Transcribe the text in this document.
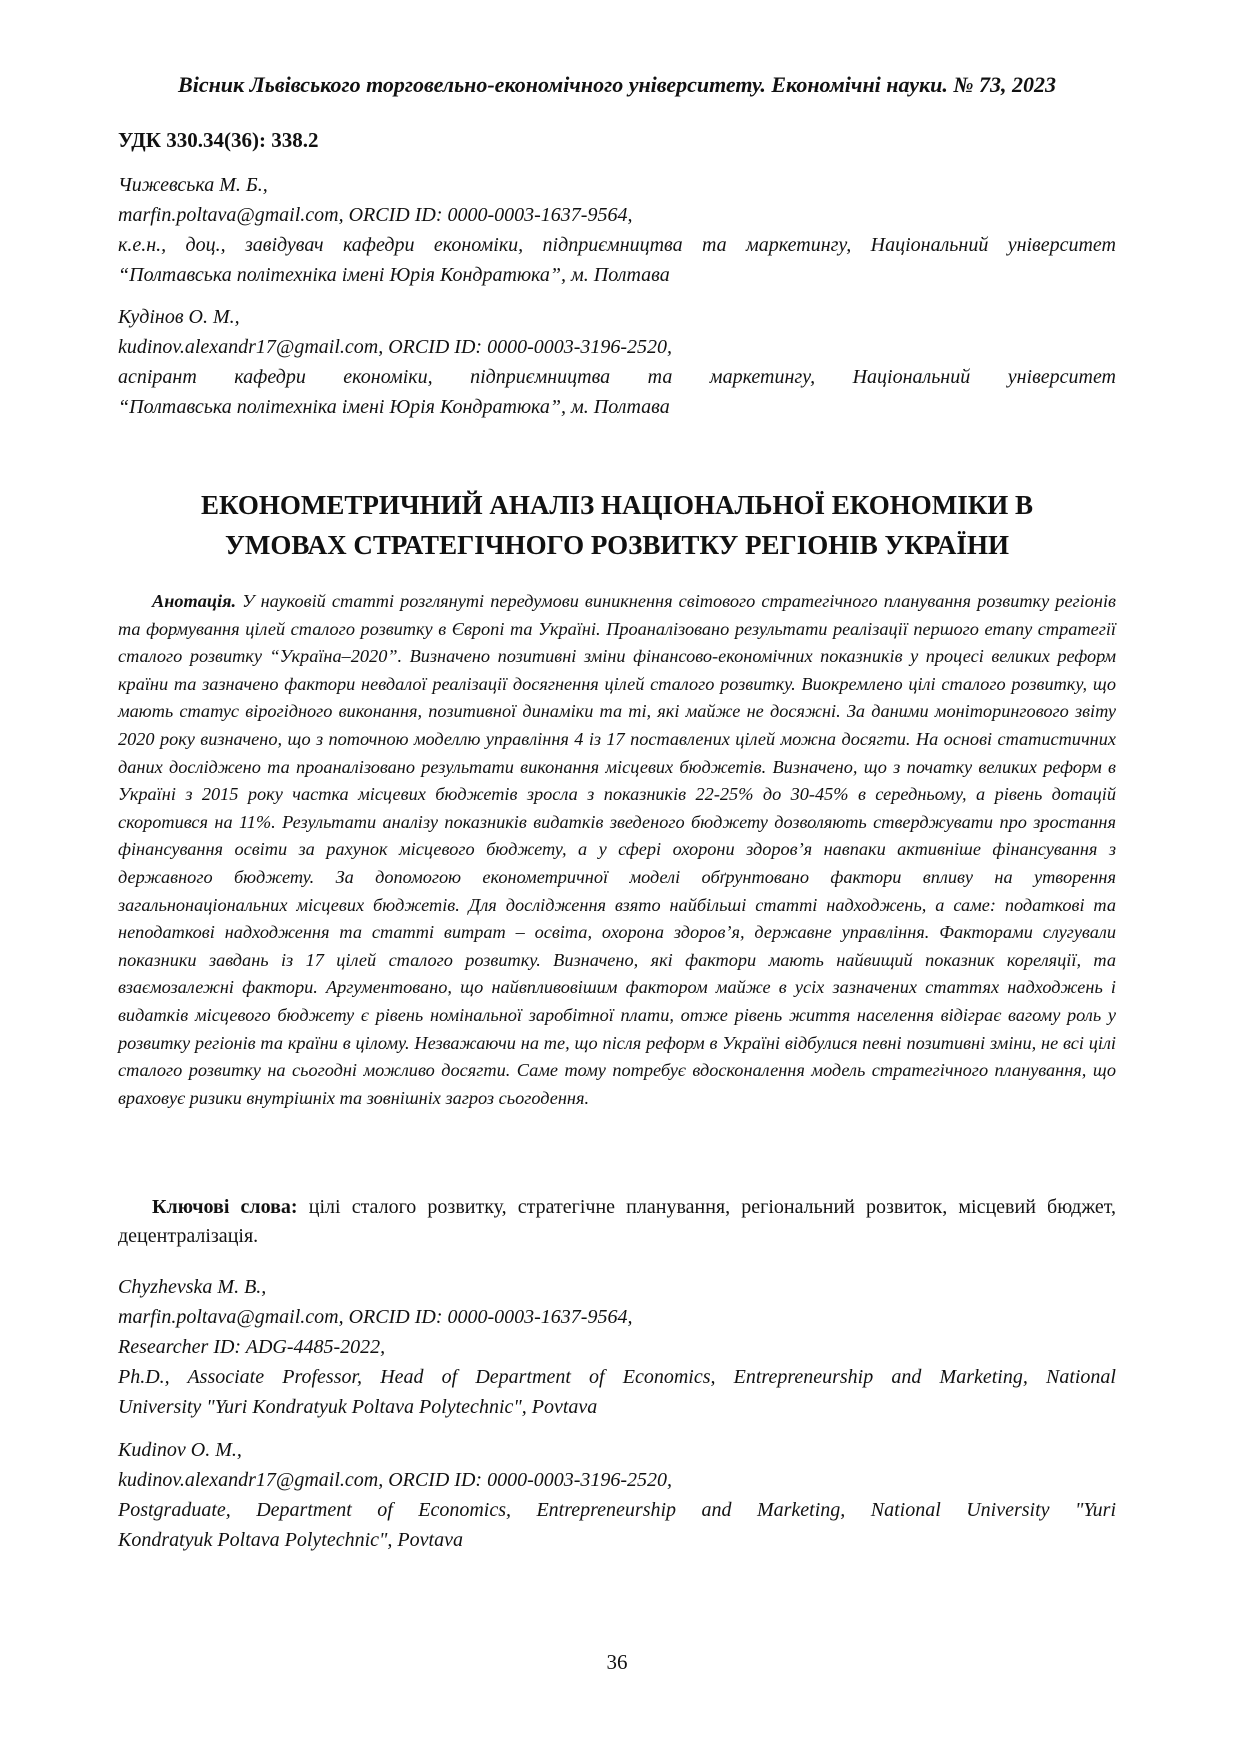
Вісник Львівського торговельно-економічного університету. Економічні науки. № 73, 2023
УДК 330.34(36): 338.2
Чижевська М. Б.,
marfin.poltava@gmail.com, ORCID ID: 0000-0003-1637-9564,
к.е.н., доц., завідувач кафедри економіки, підприємництва та маркетингу, Національний університет
“Полтавська політехніка імені Юрія Кондратюка”, м. Полтава
Кудінов О. М.,
kudinov.alexandr17@gmail.com, ORCID ID: 0000-0003-3196-2520,
аспірант кафедри економіки, підприємництва та маркетингу, Національний університет
“Полтавська політехніка імені Юрія Кондратюка”, м. Полтава
ЕКОНОМЕТРИЧНИЙ АНАЛІЗ НАЦІОНАЛЬНОЇ ЕКОНОМІКИ В
УМОВАХ СТРАТЕГІЧНОГО РОЗВИТКУ РЕГІОНІВ УКРАЇНИ
Анотація. У науковій статті розглянуті передумови виникнення світового стратегічного планування розвитку регіонів та формування цілей сталого розвитку в Європі та Україні. Проаналізовано результати реалізації першого етапу стратегії сталого розвитку “Україна–2020”. Визначено позитивні зміни фінансово-економічних показників у процесі великих реформ країни та зазначено фактори невдалої реалізації досягнення цілей сталого розвитку. Виокремлено цілі сталого розвитку, що мають статус вірогідного виконання, позитивної динаміки та ті, які майже не досяжні. За даними моніторингового звіту 2020 року визначено, що з поточною моделлю управління 4 із 17 поставлених цілей можна досягти. На основі статистичних даних досліджено та проаналізовано результати виконання місцевих бюджетів. Визначено, що з початку великих реформ в Україні з 2015 року частка місцевих бюджетів зросла з показників 22-25% до 30-45% в середньому, а рівень дотацій скоротився на 11%. Результати аналізу показників видатків зведеного бюджету дозволяють стверджувати про зростання фінансування освіти за рахунок місцевого бюджету, а у сфері охорони здоров’я навпаки активніше фінансування з державного бюджету. За допомогою економетричної моделі обґрунтовано фактори впливу на утворення загальнонаціональних місцевих бюджетів. Для дослідження взято найбільші статті надходжень, а саме: податкові та неподаткові надходження та статті витрат – освіта, охорона здоров’я, державне управління. Факторами слугували показники завдань із 17 цілей сталого розвитку. Визначено, які фактори мають найвищий показник кореляції, та взаємозалежні фактори. Аргументовано, що найвпливовішим фактором майже в усіх зазначених статтях надходжень і видатків місцевого бюджету є рівень номінальної заробітної плати, отже рівень життя населення відіграє вагому роль у розвитку регіонів та країни в цілому. Незважаючи на те, що після реформ в Україні відбулися певні позитивні зміни, не всі цілі сталого розвитку на сьогодні можливо досягти. Саме тому потребує вдосконалення модель стратегічного планування, що враховує ризики внутрішніх та зовнішніх загроз сьогодення.
Ключові слова: цілі сталого розвитку, стратегічне планування, регіональний розвиток, місцевий бюджет, децентралізація.
Chyzhevska M. B.,
marfin.poltava@gmail.com, ORCID ID: 0000-0003-1637-9564,
Researcher ID: ADG-4485-2022,
Ph.D., Associate Professor, Head of Department of Economics, Entrepreneurship and Marketing, National
University "Yuri Kondratyuk Poltava Polytechnic", Povtava
Kudinov O. M.,
kudinov.alexandr17@gmail.com, ORCID ID: 0000-0003-3196-2520,
Postgraduate, Department of Economics, Entrepreneurship and Marketing, National University "Yuri
Kondratyuk Poltava Polytechnic", Povtava
36
